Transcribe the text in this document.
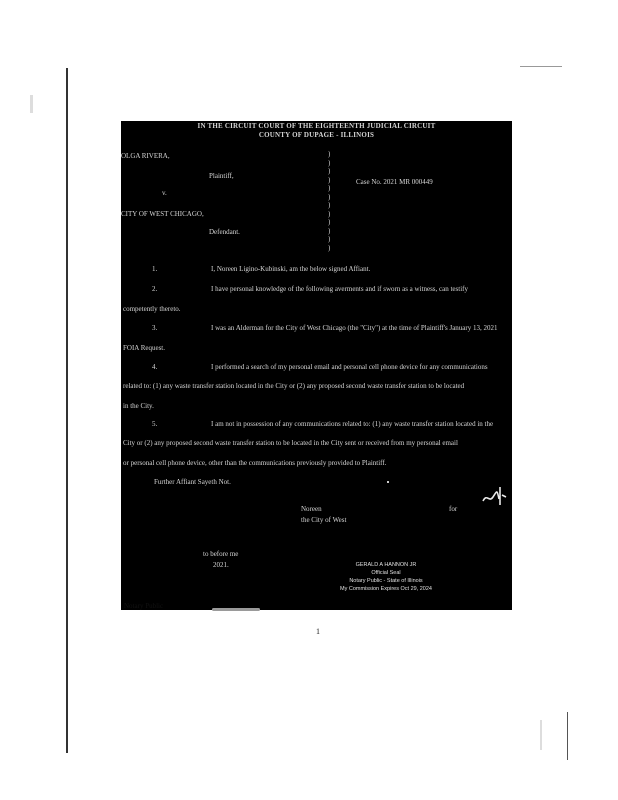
IN THE CIRCUIT COURT OF THE EIGHTEENTH JUDICIAL CIRCUIT
COUNTY OF DUPAGE - ILLINOIS
OLGA RIVERA,
Plaintiff,
Case No. 2021 MR 000449
v.
CITY OF WEST CHICAGO,
Defendant.
)
)
)
)
)
)
)
)
)
)
)
)
1.	I, Noreen Ligino-Kubinski, am the below signed Affiant.
2.	I have personal knowledge of the following averments and if sworn as a witness, can testify
competently thereto.
3.	I was an Alderman for the City of West Chicago (the "City") at the time of Plaintiff's January 13, 2021
FOIA Request.
4.	I performed a search of my personal email and personal cell phone device for any communications
related to: (1) any waste transfer station located in the City or (2) any proposed second waste transfer station to be located
in the City.
5.	I am not in possession of any communications related to: (1) any waste transfer station located in the
City or (2) any proposed second waste transfer station to be located in the City sent or received from my personal email
or personal cell phone device, other than the communications previously provided to Plaintiff.
Further Affiant Sayeth Not.
Noreen	for
the City of West
to before me
2021.	GERALD A HANNON JR
Official Seal
Notary Public - State of Illinois
My Commission Expires Oct 29, 2024
Notary Public
1
